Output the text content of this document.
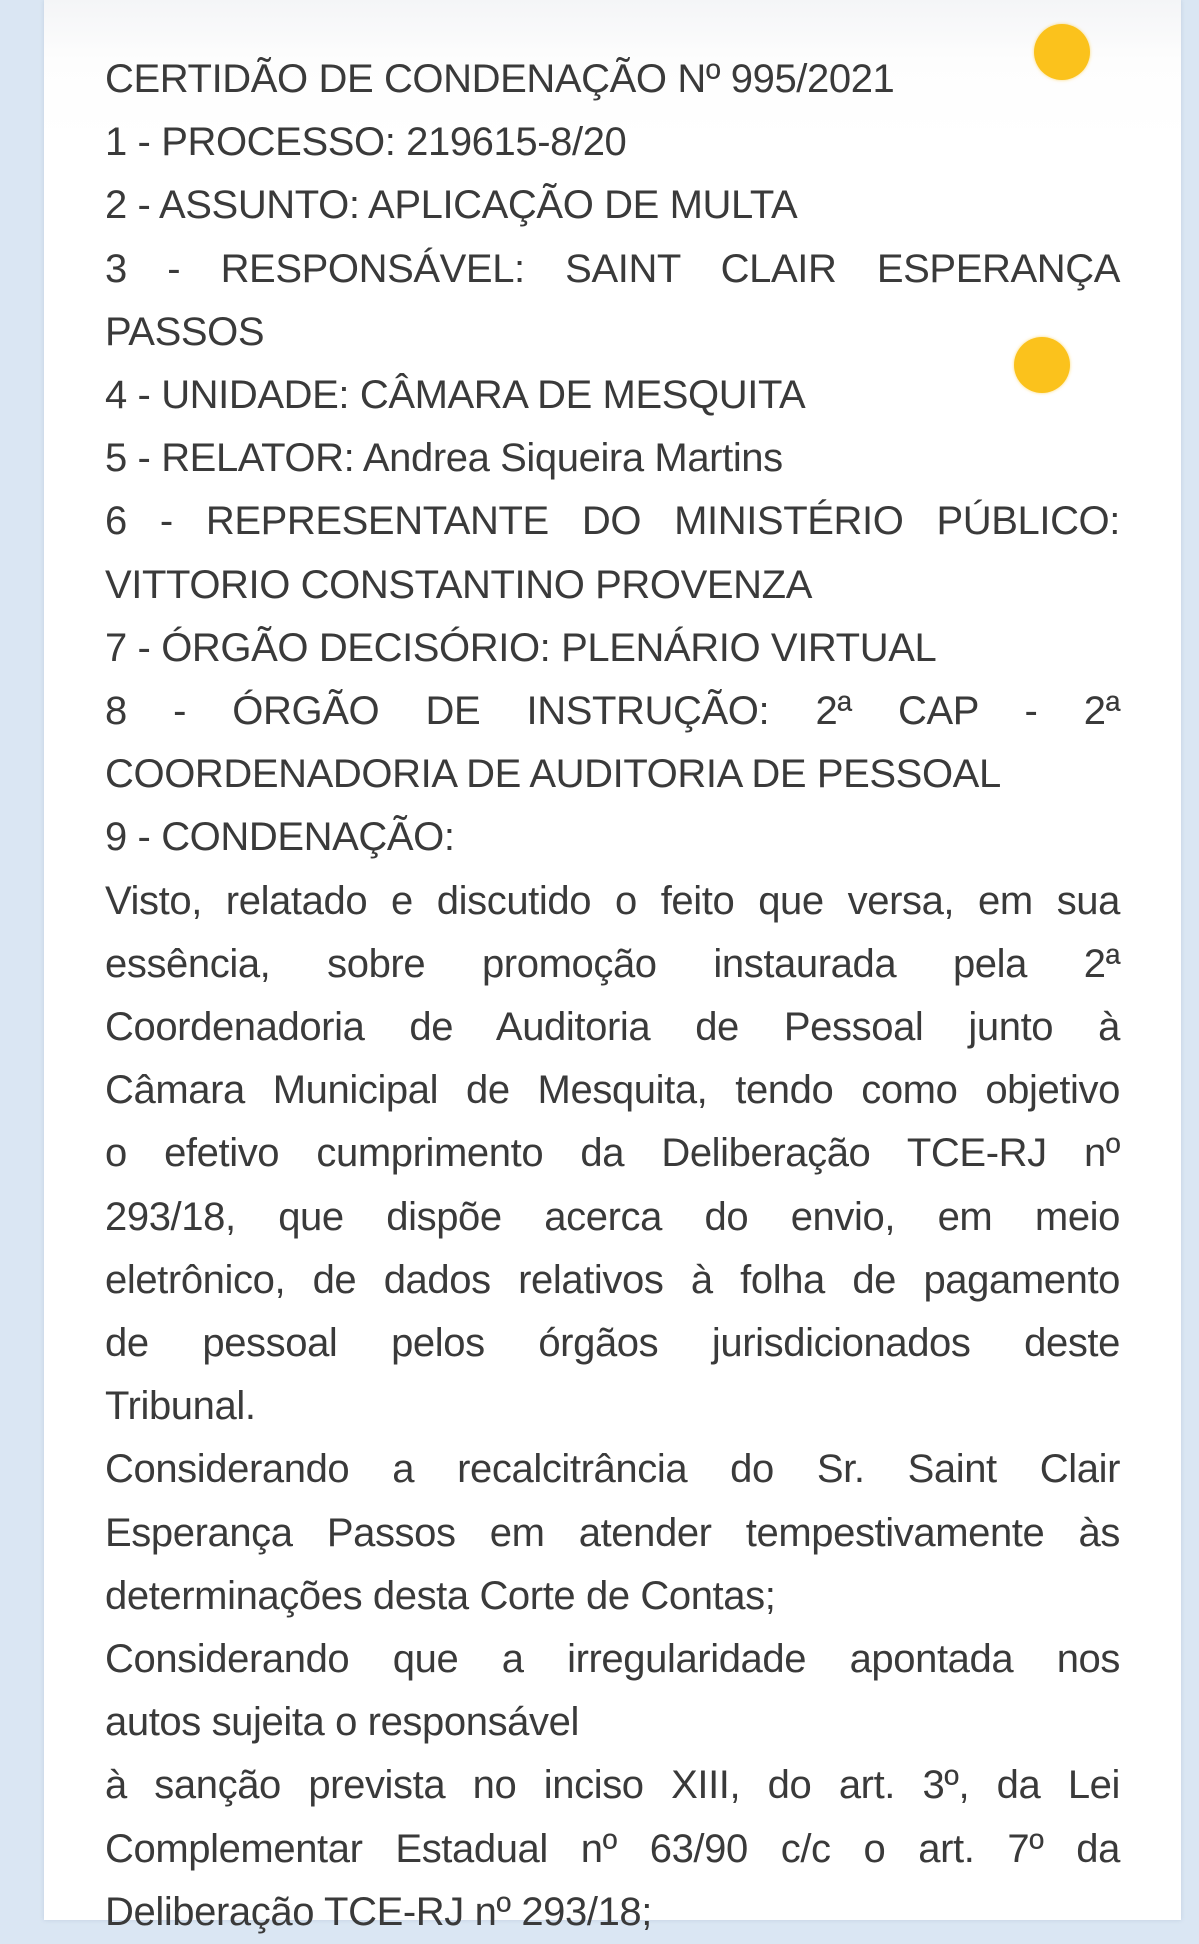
CERTIDÃO DE CONDENAÇÃO Nº 995/2021
1 - PROCESSO: 219615-8/20
2 - ASSUNTO: APLICAÇÃO DE MULTA
3 - RESPONSÁVEL: SAINT CLAIR ESPERANÇA
PASSOS
4 - UNIDADE: CÂMARA DE MESQUITA
5 - RELATOR: Andrea Siqueira Martins
6 - REPRESENTANTE DO MINISTÉRIO PÚBLICO:
VITTORIO CONSTANTINO PROVENZA
7 - ÓRGÃO DECISÓRIO: PLENÁRIO VIRTUAL
8 - ÓRGÃO DE INSTRUÇÃO: 2ª CAP - 2ª
COORDENADORIA DE AUDITORIA DE PESSOAL
9 - CONDENAÇÃO:
Visto, relatado e discutido o feito que versa, em sua
essência, sobre promoção instaurada pela 2ª
Coordenadoria de Auditoria de Pessoal junto à
Câmara Municipal de Mesquita, tendo como objetivo
o efetivo cumprimento da Deliberação TCE-RJ nº
293/18, que dispõe acerca do envio, em meio
eletrônico, de dados relativos à folha de pagamento
de pessoal pelos órgãos jurisdicionados deste
Tribunal.
Considerando a recalcitrância do Sr. Saint Clair
Esperança Passos em atender tempestivamente às
determinações desta Corte de Contas;
Considerando que a irregularidade apontada nos
autos sujeita o responsável
à sanção prevista no inciso XIII, do art. 3º, da Lei
Complementar Estadual nº 63/90 c/c o art. 7º da
Deliberação TCE-RJ nº 293/18;
